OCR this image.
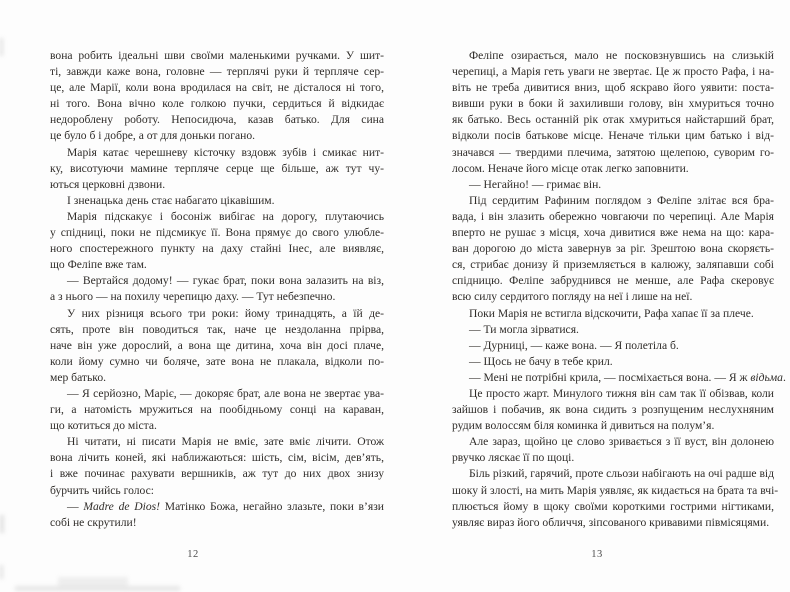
вона робить ідеальні шви своїми маленькими ручками. У шит-
ті, завжди каже вона, головне — терплячі руки й терпляче сер-
це, але Марії, коли вона вродилася на світ, не дісталося ні того,
ні того. Вона вічно коле голкою пучки, сердиться й відкидає
недороблену роботу. Непосидюча, казав батько. Для сина
це було б і добре, а от для доньки погано.
Марія катає черешневу кісточку вздовж зубів і смикає нит-
ку, висотуючи мамине терпляче серце ще більше, аж тут чу-
ються церковні дзвони.
І зненацька день стає набагато цікавішим.
Марія підскакує і босоніж вибігає на дорогу, плутаючись
у спідниці, поки не підсмикує її. Вона прямує до свого улюбле-
ного спостережного пункту на даху стайні Інес, але виявляє,
що Феліпе вже там.
— Вертайся додому! — гукає брат, поки вона залазить на віз,
а з нього — на похилу черепицю даху. — Тут небезпечно.
У них різниця всього три роки: йому тринадцять, а їй де-
сять, проте він поводиться так, наче це нездоланна прірва,
наче він уже дорослий, а вона ще дитина, хоча він досі плаче,
коли йому сумно чи боляче, зате вона не плакала, відколи по-
мер батько.
— Я серйозно, Маріє, — докоряє брат, але вона не звертає ува-
ги, а натомість мружиться на пообідньому сонці на караван,
що котиться до міста.
Ні читати, ні писати Марія не вміє, зате вміє лічити. Отож
вона лічить коней, які наближаються: шість, сім, вісім, дев’ять,
і вже починає рахувати вершників, аж тут до них двох знизу
бурчить чийсь голос:
— Madre de Dios! Матінко Божа, негайно злазьте, поки в’язи
собі не скрутили!
Феліпе озирається, мало не посковзнувшись на слизькій
черепиці, а Марія геть уваги не звертає. Це ж просто Рафа, і на-
віть не треба дивитися вниз, щоб яскраво його уявити: поста-
вивши руки в боки й захиливши голову, він хмуриться точно
як батько. Весь останній рік отак хмуриться найстарший брат,
відколи посів батькове місце. Неначе тільки цим батько і від-
значався — твердими плечима, затятою щелепою, суворим го-
лосом. Неначе його місце отак легко заповнити.
— Негайно! — гримає він.
Під сердитим Рафиним поглядом з Феліпе злітає вся бра-
вада, і він злазить обережно човгаючи по черепиці. Але Марія
вперто не рушає з місця, хоча дивитися вже нема на що: кара-
ван дорогою до міста завернув за ріг. Зрештою вона скоряєть-
ся, стрибає донизу й приземляється в калюжу, заляпавши собі
спідницю. Феліпе забруднився не менше, але Рафа скеровує
всю силу сердитого погляду на неї і лише на неї.
Поки Марія не встигла відскочити, Рафа хапає її за плече.
— Ти могла зірватися.
— Дурниці, — каже вона. — Я полетіла б.
— Щось не бачу в тебе крил.
— Мені не потрібні крила, — посміхається вона. — Я ж відьма.
Це просто жарт. Минулого тижня він сам так її обізвав, коли
зайшов і побачив, як вона сидить з розпущеним неслухняним
рудим волоссям біля коминка й дивиться на полум’я.
Але зараз, щойно це слово зривається з її вуст, він долонею
рвучко ляскає її по щоці.
Біль різкий, гарячий, проте сльози набігають на очі радше від
шоку й злості, на мить Марія уявляє, як кидається на брата та вчі-
плюється йому в щоку своїми короткими гострими нігтиками,
уявляє вираз його обличчя, зіпсованого кривавими півмісяцями.
12	13
